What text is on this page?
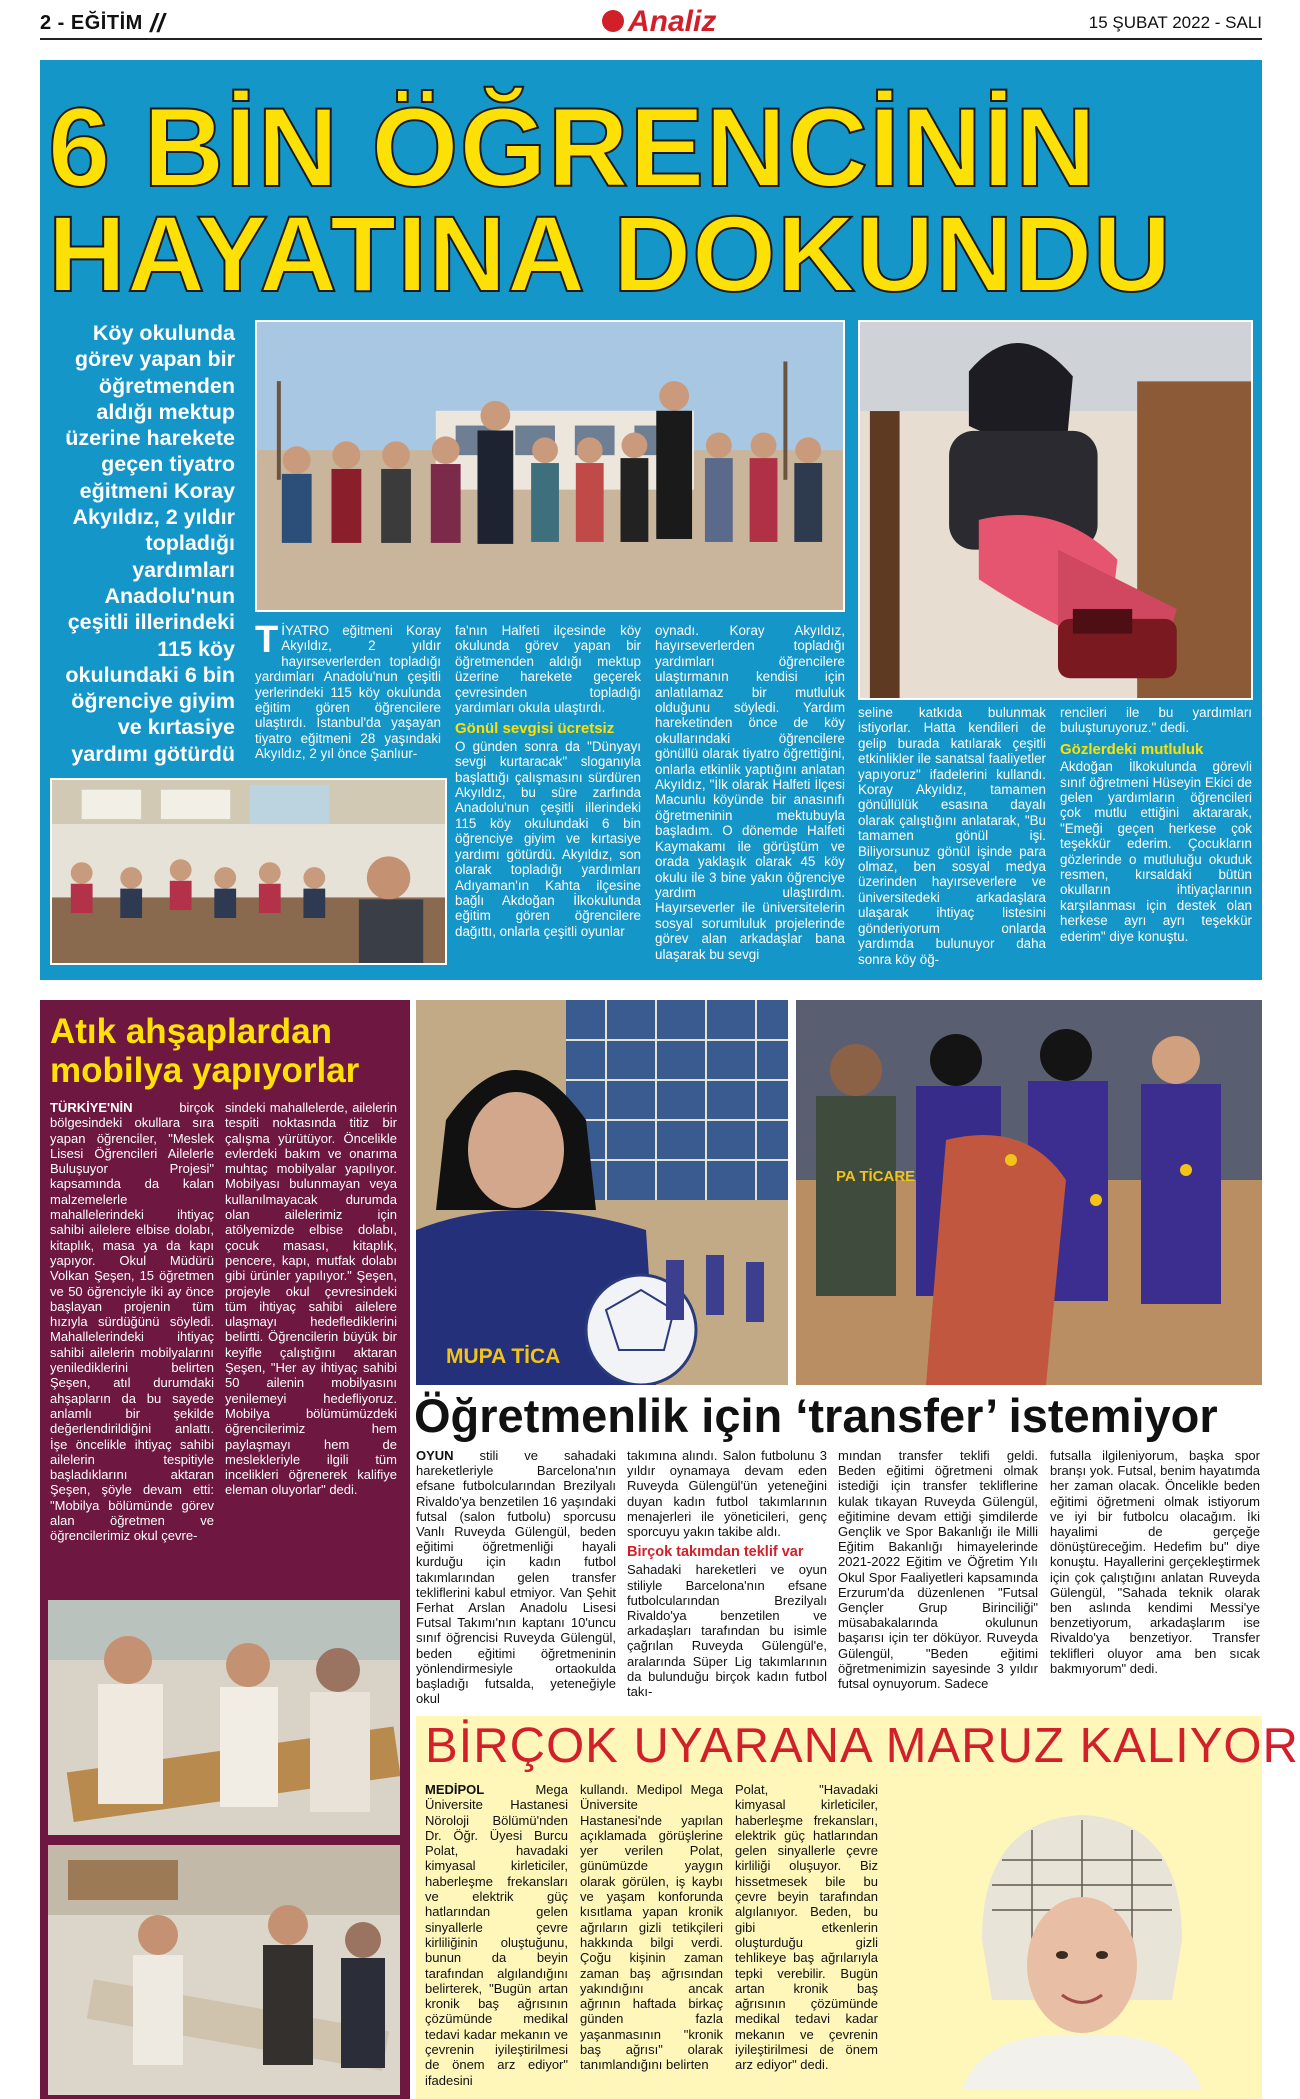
2 - EĞİTİM //	Analiz	15 ŞUBAT 2022 - SALI
6 BİN ÖĞRENCİNİN
HAYATINA DOKUNDU
Köy okulunda görev yapan bir öğretmenden aldığı mektup üzerine harekete geçen tiyatro eğitmeni Koray Akyıldız, 2 yıldır topladığı yardımları Anadolu'nun çeşitli illerindeki 115 köy okulundaki 6 bin öğrenciye giyim ve kırtasiye yardımı götürdü
TİYATRO eğitmeni Koray Akyıldız, 2 yıldır hayırseverlerden topladığı yardımları Anadolu'nun çeşitli yerlerindeki 115 köy okulunda eğitim gören öğrencilere ulaştırdı. İstanbul'da yaşayan tiyatro eğitmeni 28 yaşındaki Akyıldız, 2 yıl önce Şanlıur-

fa'nın Halfeti ilçesinde köy okulunda görev yapan bir öğretmenden aldığı mektup üzerine harekete geçerek çevresinden topladığı yardımları okula ulaştırdı.

Gönül sevgisi ücretsiz

O günden sonra da "Dünyayı sevgi kurtaracak" sloganıyla başlattığı çalışmasını sürdüren Akyıldız, bu süre zarfında Anadolu'nun çeşitli illerindeki 115 köy okulundaki 6 bin öğrenciye giyim ve kırtasiye yardımı götürdü. Akyıldız, son olarak topladığı yardımları Adıyaman'ın Kahta ilçesine bağlı Akdoğan İlkokulunda eğitim gören öğrencilere dağıttı, onlarla çeşitli oyunlar

oynadı. Koray Akyıldız, hayırseverlerden topladığı yardımları öğrencilere ulaştırmanın kendisi için anlatılamaz bir mutluluk olduğunu söyledi. Yardım hareketinden önce de köy okullarındaki öğrencilere gönüllü olarak tiyatro öğrettiğini, onlarla etkinlik yaptığını anlatan Akyıldız, "İlk olarak Halfeti İlçesi Macunlu köyünde bir anasınıfı öğretmeninin mektubuyla başladım. O dönemde Halfeti Kaymakamı ile görüştüm ve orada yaklaşık olarak 45 köy okulu ile 3 bine yakın öğrenciye yardım ulaştırdım. Hayırseverler ile üniversitelerin sosyal sorumluluk projelerinde görev alan arkadaşlar bana ulaşarak bu sevgi

seline katkıda bulunmak istiyorlar. Hatta kendileri de gelip burada katılarak çeşitli etkinlikler ile sanatsal faaliyetler yapıyoruz" ifadelerini kullandı. Koray Akyıldız, tamamen gönüllülük esasına dayalı olarak çalıştığını anlatarak, "Bu tamamen gönül işi. Biliyorsunuz gönül işinde para olmaz, ben sosyal medya üzerinden hayırseverlere ve üniversitedeki arkadaşlara ulaşarak ihtiyaç listesini gönderiyorum onlarda yardımda bulunuyor daha sonra köy öğ-

rencileri ile bu yardımları buluşturuyoruz." dedi.

Gözlerdeki mutluluk

Akdoğan İlkokulunda görevli sınıf öğretmeni Hüseyin Ekici de gelen yardımların öğrencileri çok mutlu ettiğini aktararak, "Emeği geçen herkese çok teşekkür ederim. Çocukların gözlerinde o mutluluğu okuduk resmen, kırsaldaki bütün okulların ihtiyaçlarının karşılanması için destek olan herkese ayrı ayrı teşekkür ederim" diye konuştu.

Atık ahşaplardan mobilya yapıyorlar
TÜRKİYE'NİN birçok bölgesindeki okullara sıra yapan öğrenciler, "Meslek Lisesi Öğrencileri Ailelerle Buluşuyor Projesi" kapsamında da kalan malzemelerle mahallelerindeki ihtiyaç sahibi ailelere elbise dolabı, kitaplık, masa ya da kapı yapıyor. Okul Müdürü Volkan Şeşen, 15 öğretmen ve 50 öğrenciyle iki ay önce başlayan projenin tüm hızıyla sürdüğünü söyledi. Mahallelerindeki ihtiyaç sahibi ailelerin mobilyalarını yenilediklerini belirten Şeşen, atıl durumdaki ahşapların da bu sayede anlamlı bir şekilde değerlendirildiğini anlattı. İşe öncelikle ihtiyaç sahibi ailelerin tespitiyle başladıklarını aktaran Şeşen, şöyle devam etti: "Mobilya bölümünde görev alan öğretmen ve öğrencilerimiz okul çevre-

sindeki mahallelerde, ailelerin tespiti noktasında titiz bir çalışma yürütüyor. Öncelikle evlerdeki bakım ve onarıma muhtaç mobilyalar yapılıyor. Mobilyası bulunmayan veya kullanılmayacak durumda olan ailelerimiz için atölyemizde elbise dolabı, çocuk masası, kitaplık, pencere, kapı, mutfak dolabı gibi ürünler yapılıyor." Şeşen, projeyle okul çevresindeki tüm ihtiyaç sahibi ailelere ulaşmayı hedeflediklerini belirtti. Öğrencilerin büyük bir keyifle çalıştığını aktaran Şeşen, "Her ay ihtiyaç sahibi 50 ailenin mobilyasını yenilemeyi hedefliyoruz. Mobilya bölümümüzdeki öğrencilerimiz hem paylaşmayı hem de meslekleriyle ilgili tüm incelikleri öğrenerek kalifiye eleman oluyorlar" dedi.

MUPA TİCA
PA TİCARE
Öğretmenlik için ‘transfer’ istemiyor
OYUN stili ve sahadaki hareketleriyle Barcelona'nın efsane futbolcularından Brezilyalı Rivaldo'ya benzetilen 16 yaşındaki futsal (salon futbolu) sporcusu Vanlı Ruveyda Gülengül, beden eğitimi öğretmenliği hayali kurduğu için kadın futbol takımlarından gelen transfer tekliflerini kabul etmiyor. Van Şehit Ferhat Arslan Anadolu Lisesi Futsal Takımı'nın kaptanı 10'uncu sınıf öğrencisi Ruveyda Gülengül, beden eğitimi öğretmeninin yönlendirmesiyle ortaokulda başladığı futsalda, yeteneğiyle okul

takımına alındı. Salon futbolunu 3 yıldır oynamaya devam eden Ruveyda Gülengül'ün yeteneğini duyan kadın futbol takımlarının menajerleri ile yöneticileri, genç sporcuyu yakın takibe aldı.

Birçok takımdan teklif var

Sahadaki hareketleri ve oyun stiliyle Barcelona'nın efsane futbolcularından Brezilyalı Rivaldo'ya benzetilen ve arkadaşları tarafından bu isimle çağrılan Ruveyda Gülengül'e, aralarında Süper Lig takımlarının da bulunduğu birçok kadın futbol takı-

mından transfer teklifi geldi. Beden eğitimi öğretmeni olmak istediği için transfer tekliflerine kulak tıkayan Ruveyda Gülengül, eğitimine devam ettiği şimdilerde Gençlik ve Spor Bakanlığı ile Milli Eğitim Bakanlığı himayelerinde 2021-2022 Eğitim ve Öğretim Yılı Okul Spor Faaliyetleri kapsamında Erzurum'da düzenlenen "Futsal Gençler Grup Birinciliği" müsabakalarında okulunun başarısı için ter döküyor. Ruveyda Gülengül, "Beden eğitimi öğretmenimizin sayesinde 3 yıldır futsal oynuyorum. Sadece

futsalla ilgileniyorum, başka spor branşı yok. Futsal, benim hayatımda her zaman olacak. Öncelikle beden eğitimi öğretmeni olmak istiyorum ve iyi bir futbolcu olacağım. İki hayalimi de gerçeğe dönüştüreceğim. Hedefim bu" diye konuştu. Hayallerini gerçekleştirmek için çok çalıştığını anlatan Ruveyda Gülengül, "Sahada teknik olarak ben aslında kendimi Messi'ye benzetiyorum, arkadaşlarım ise Rivaldo'ya benzetiyor. Transfer teklifleri oluyor ama ben sıcak bakmıyorum" dedi.

BİRÇOK UYARANA MARUZ KALIYOR
MEDİPOL Mega Üniversite Hastanesi Nöroloji Bölümü'nden Dr. Öğr. Üyesi Burcu Polat, havadaki kimyasal kirleticiler, haberleşme frekansları ve elektrik güç hatlarından gelen sinyallerle çevre kirliliğinin oluştuğunu, bunun da beyin tarafından algılandığını belirterek, "Bugün artan kronik baş ağrısının çözümünde medikal tedavi kadar mekanın ve çevrenin iyileştirilmesi de önem arz ediyor" ifadesini

kullandı. Medipol Mega Üniversite Hastanesi'nde yapılan açıklamada görüşlerine yer verilen Polat, günümüzde yaygın olarak görülen, iş kaybı ve yaşam konforunda kısıtlama yapan kronik ağrıların gizli tetikçileri hakkında bilgi verdi. Çoğu kişinin zaman zaman baş ağrısından yakındığını ancak ağrının haftada birkaç günden fazla yaşanmasının "kronik baş ağrısı" olarak tanımlandığını belirten

Polat, "Havadaki kimyasal kirleticiler, haberleşme frekansları, elektrik güç hatlarından gelen sinyallerle çevre kirliliği oluşuyor. Biz hissetmesek bile bu çevre beyin tarafından algılanıyor. Beden, bu gibi etkenlerin oluşturduğu gizli tehlikeye baş ağrılarıyla tepki verebilir. Bugün artan kronik baş ağrısının çözümünde medikal tedavi kadar mekanın ve çevrenin iyileştirilmesi de önem arz ediyor" dedi.
